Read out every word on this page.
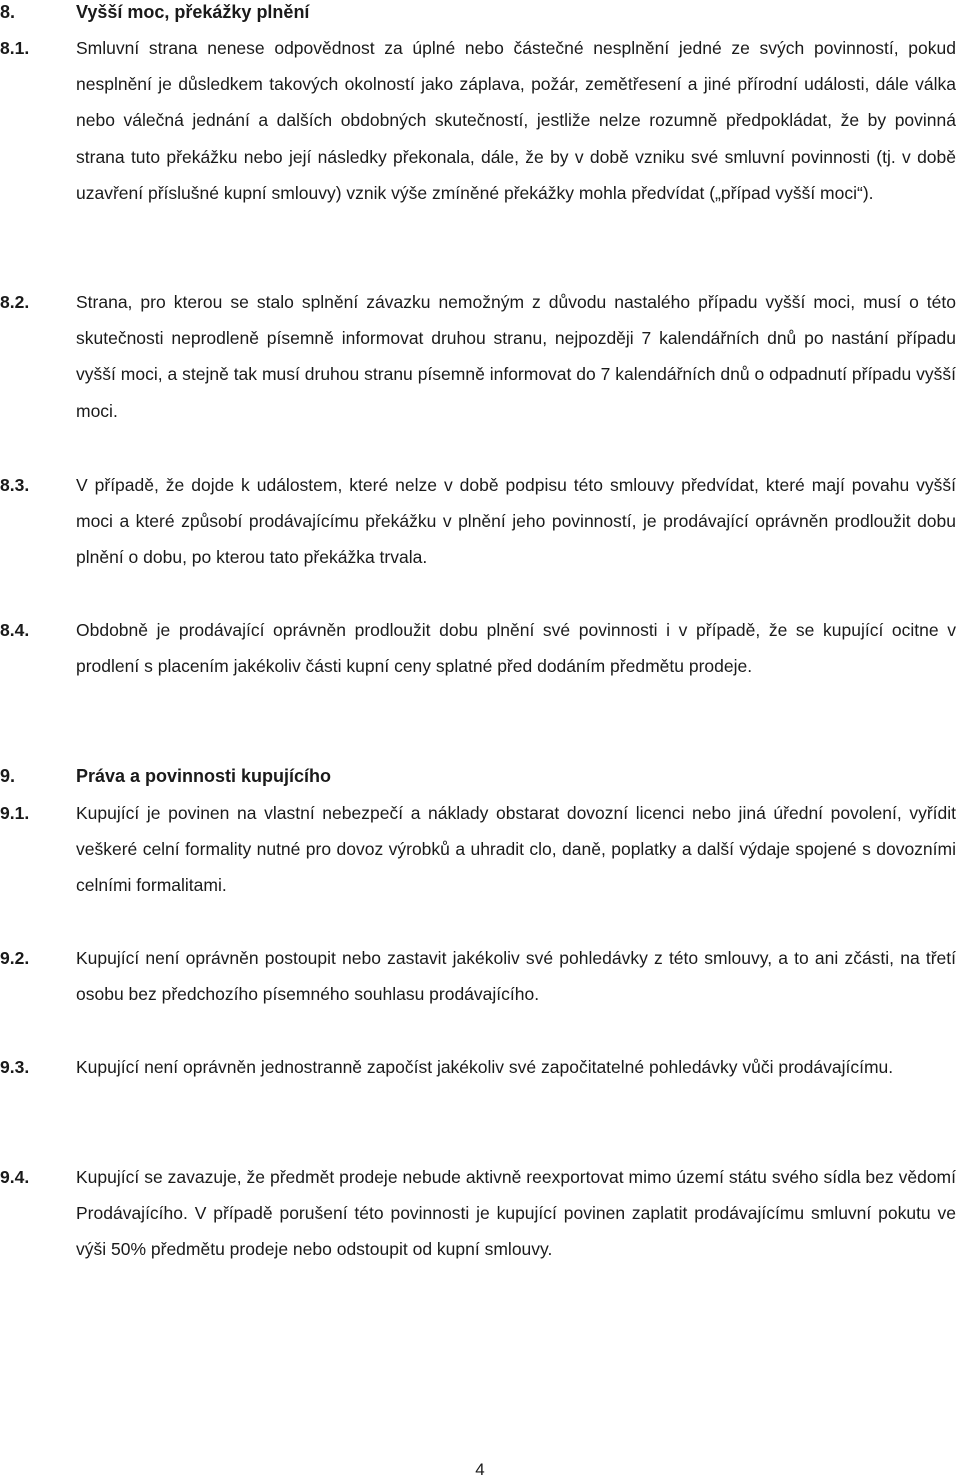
8.	Vyšší moc, překážky plnění
8.1.	Smluvní strana nenese odpovědnost za úplné nebo částečné nesplnění jedné ze svých povinností, pokud nesplnění je důsledkem takových okolností jako záplava, požár, zemětřesení a jiné přírodní události, dále válka nebo válečná jednání a dalších obdobných skutečností, jestliže nelze rozumně předpokládat, že by povinná strana tuto překážku nebo její následky překonala, dále, že by v době vzniku své smluvní povinnosti (tj. v době uzavření příslušné kupní smlouvy) vznik výše zmíněné překážky mohla předvídat („případ vyšší moci“).
8.2.	Strana, pro kterou se stalo splnění závazku nemožným z důvodu nastalého případu vyšší moci, musí o této skutečnosti neprodleně písemně informovat druhou stranu, nejpozději 7 kalendářních dnů po nastání případu vyšší moci, a stejně tak musí druhou stranu písemně informovat do 7 kalendářních dnů o odpadnutí případu vyšší moci.
8.3.	V případě, že dojde k událostem, které nelze v době podpisu této smlouvy předvídat, které mají povahu vyšší moci a které způsobí prodávajícímu překážku v plnění jeho povinností, je prodávající oprávněn prodloužit dobu plnění o dobu, po kterou tato překážka trvala.
8.4.	Obdobně je prodávající oprávněn prodloužit dobu plnění své povinnosti i v případě, že se kupující ocitne v prodlení s placením jakékoliv části kupní ceny splatné před dodáním předmětu prodeje.
9.	Práva a povinnosti kupujícího
9.1.	Kupující je povinen na vlastní nebezpečí a náklady obstarat dovozní licenci nebo jiná úřední povolení, vyřídit veškeré celní formality nutné pro dovoz výrobků a uhradit clo, daně, poplatky a další výdaje spojené s dovozními celními formalitami.
9.2.	Kupující není oprávněn postoupit nebo zastavit jakékoliv své pohledávky z této smlouvy, a to ani zčásti, na třetí osobu bez předchozího písemného souhlasu prodávajícího.
9.3.	Kupující není oprávněn jednostranně započíst jakékoliv své započitatelné pohledávky vůči prodávajícímu.
9.4.	Kupující se zavazuje, že předmět prodeje nebude aktivně reexportovat mimo území státu svého sídla bez vědomí Prodávajícího. V případě porušení této povinnosti je kupující povinen zaplatit prodávajícímu smluvní pokutu ve výši 50% předmětu prodeje nebo odstoupit od kupní smlouvy.
4
